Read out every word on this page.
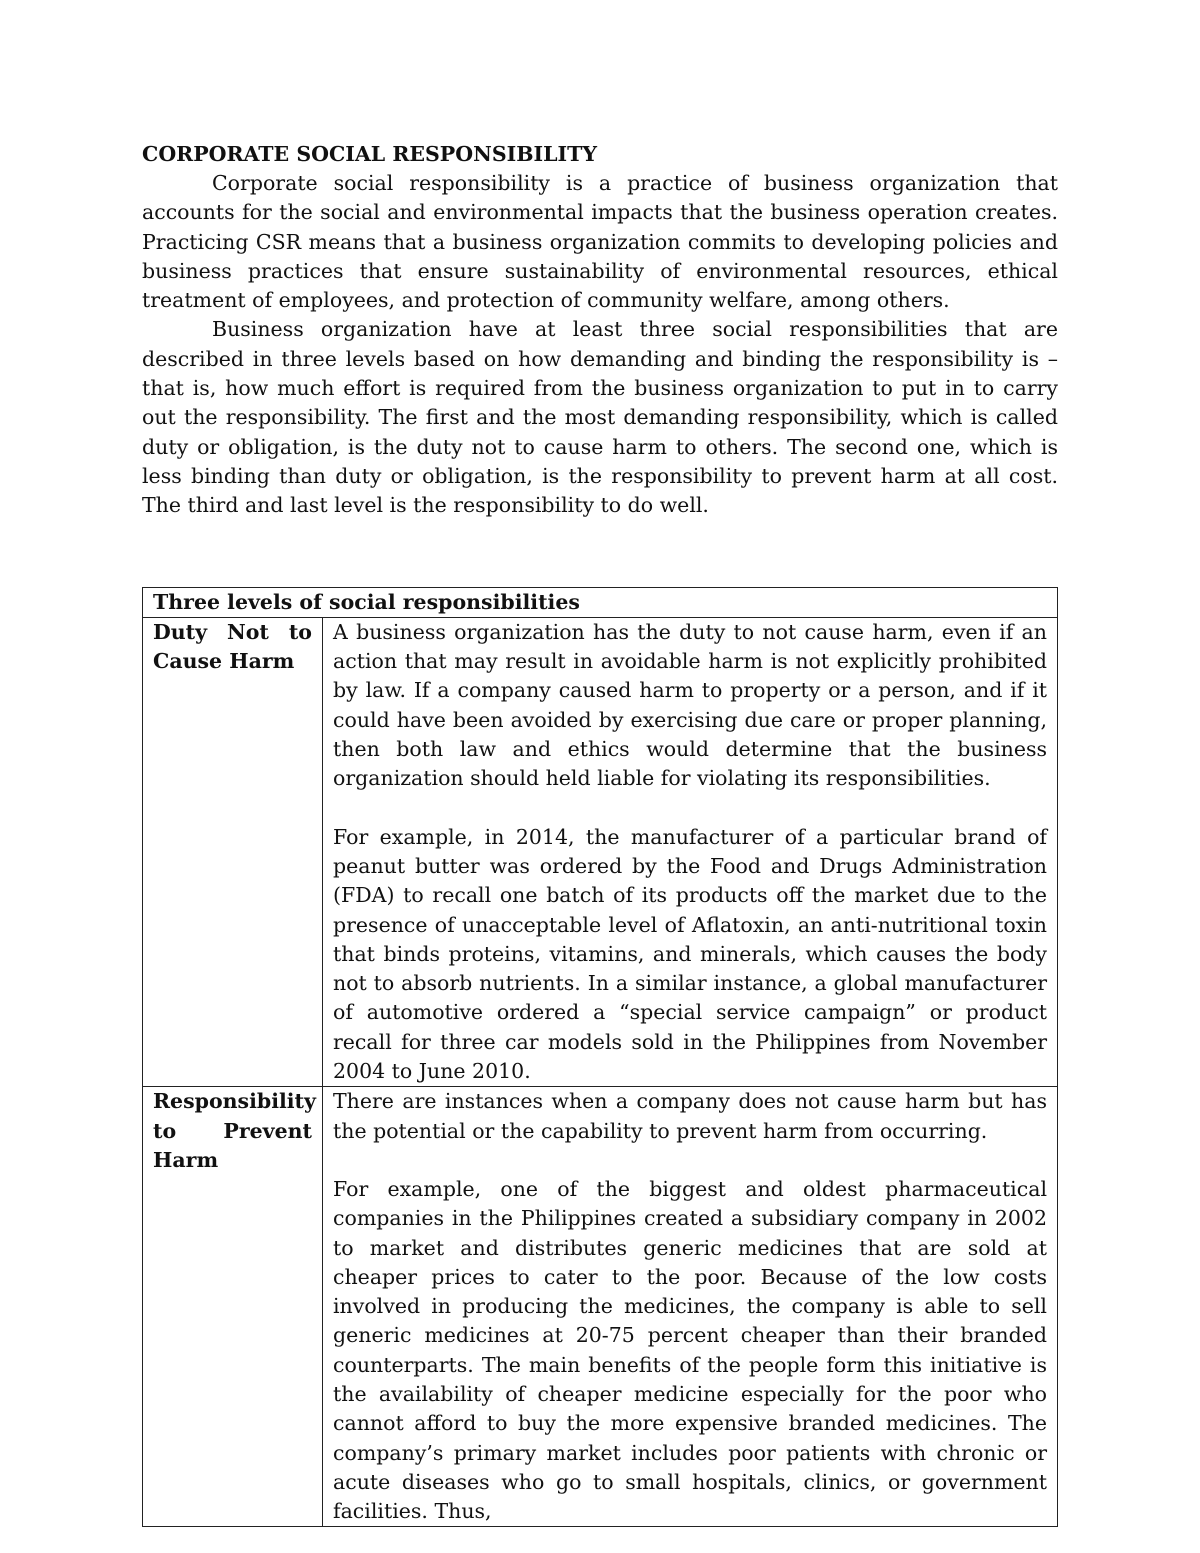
CORPORATE SOCIAL RESPONSIBILITY

Corporate social responsibility is a practice of business organization that accounts for the social and environmental impacts that the business operation creates. Practicing CSR means that a business organization commits to developing policies and business practices that ensure sustainability of environmental resources, ethical treatment of employees, and protection of community welfare, among others.

Business organization have at least three social responsibilities that are described in three levels based on how demanding and binding the responsibility is – that is, how much effort is required from the business organization to put in to carry out the responsibility. The first and the most demanding responsibility, which is called duty or obligation, is the duty not to cause harm to others. The second one, which is less binding than duty or obligation, is the responsibility to prevent harm at all cost. The third and last level is the responsibility to do well.

Three levels of social responsibilities	
Duty Not to Cause Harm	A business organization has the duty to not cause harm, even if an action that may result in avoidable harm is not explicitly prohibited by law. If a company caused harm to property or a person, and if it could have been avoided by exercising due care or proper planning, then both law and ethics would determine that the business organization should held liable for violating its responsibilities.

For example, in 2014, the manufacturer of a particular brand of peanut butter was ordered by the Food and Drugs Administration (FDA) to recall one batch of its products off the market due to the presence of unacceptable level of Aflatoxin, an anti-nutritional toxin that binds proteins, vitamins, and minerals, which causes the body not to absorb nutrients. In a similar instance, a global manufacturer of automotive ordered a “special service campaign” or product recall for three car models sold in the Philippines from November 2004 to June 2010.

Responsibility to Prevent Harm	There are instances when a company does not cause harm but has the potential or the capability to prevent harm from occurring.

For example, one of the biggest and oldest pharmaceutical companies in the Philippines created a subsidiary company in 2002 to market and distributes generic medicines that are sold at cheaper prices to cater to the poor. Because of the low costs involved in producing the medicines, the company is able to sell generic medicines at 20-75 percent cheaper than their branded counterparts. The main benefits of the people form this initiative is the availability of cheaper medicine especially for the poor who cannot afford to buy the more expensive branded medicines. The company’s primary market includes poor patients with chronic or acute diseases who go to small hospitals, clinics, or government facilities. Thus,
